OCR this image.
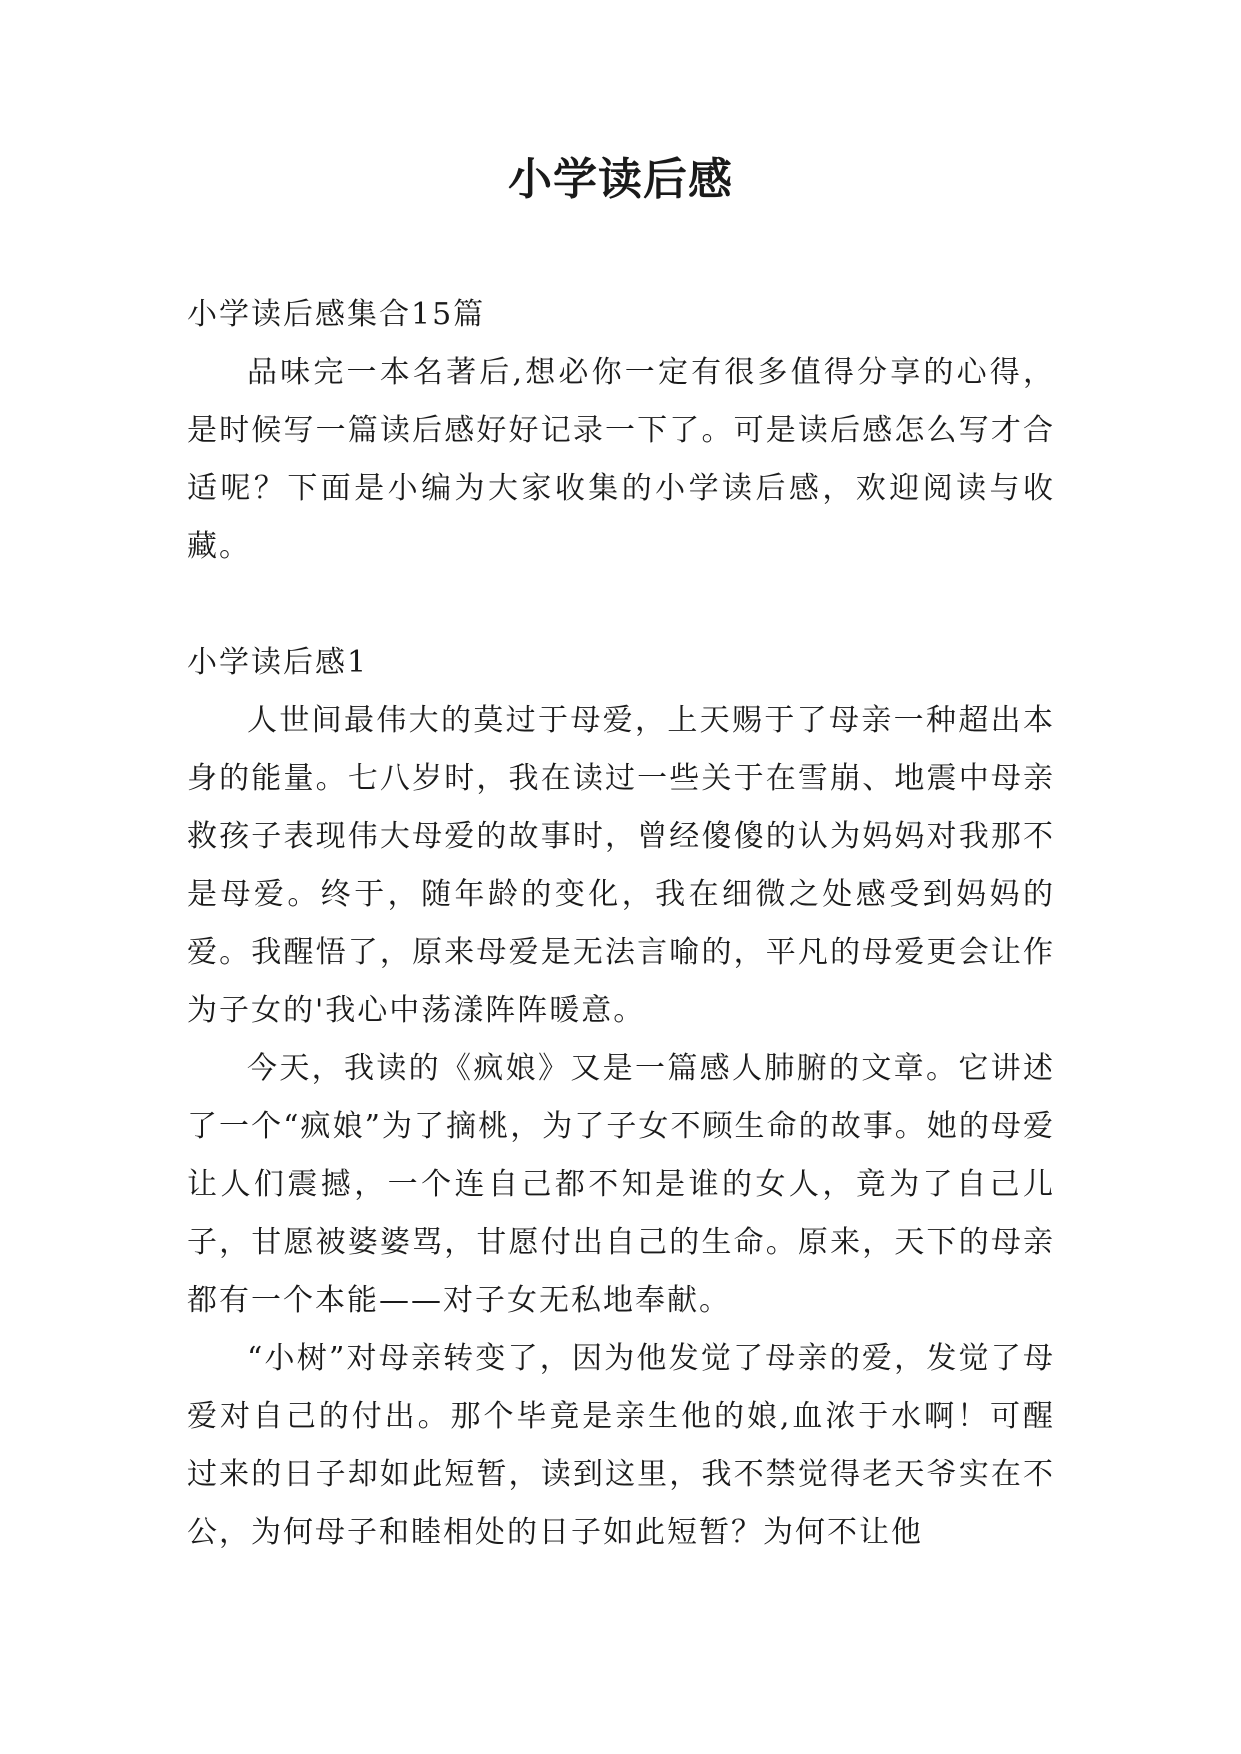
小学读后感

小学读后感集合15篇

品味完一本名著后,想必你一定有很多值得分享的心得，是时候写一篇读后感好好记录一下了。可是读后感怎么写才合适呢？下面是小编为大家收集的小学读后感，欢迎阅读与收藏。

小学读后感1

人世间最伟大的莫过于母爱，上天赐于了母亲一种超出本身的能量。七八岁时，我在读过一些关于在雪崩、地震中母亲救孩子表现伟大母爱的故事时，曾经傻傻的认为妈妈对我那不是母爱。终于，随年龄的变化，我在细微之处感受到妈妈的爱。我醒悟了，原来母爱是无法言喻的，平凡的母爱更会让作为子女的'我心中荡漾阵阵暖意。

今天，我读的《疯娘》又是一篇感人肺腑的文章。它讲述了一个“疯娘”为了摘桃，为了子女不顾生命的故事。她的母爱让人们震撼，一个连自己都不知是谁的女人，竟为了自己儿子，甘愿被婆婆骂，甘愿付出自己的生命。原来，天下的母亲都有一个本能——对子女无私地奉献。

“小树”对母亲转变了，因为他发觉了母亲的爱，发觉了母爱对自己的付出。那个毕竟是亲生他的娘,血浓于水啊！可醒过来的日子却如此短暂，读到这里，我不禁觉得老天爷实在不公，为何母子和睦相处的日子如此短暂？为何不让他
